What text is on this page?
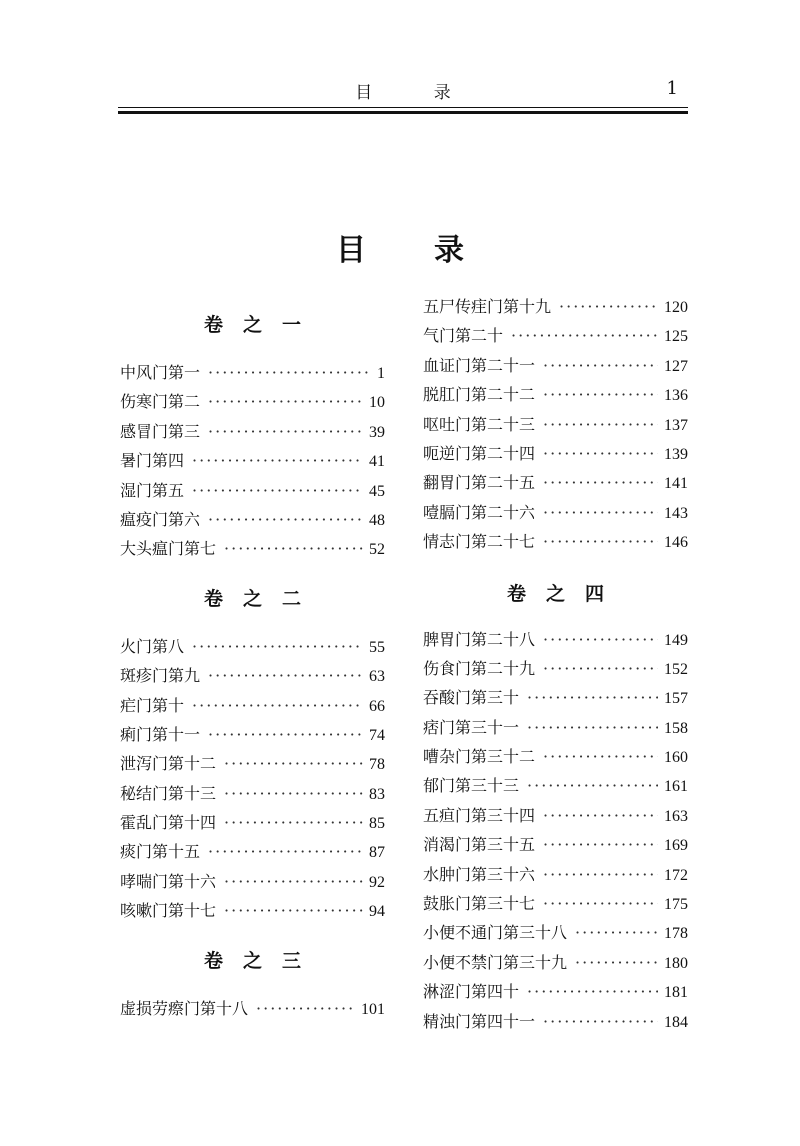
目 录	1
目 录
卷 之 一
中风门第一 ·····	1
伤寒门第二 ·····	10
感冒门第三 ·····	39
暑门第四 ·····	41
湿门第五 ·····	45
瘟疫门第六 ·····	48
大头瘟门第七 ·····	52
卷 之 二
火门第八 ·····	55
斑疹门第九 ·····	63
疟门第十 ·····	66
痢门第十一 ·····	74
泄泻门第十二 ·····	78
秘结门第十三 ·····	83
霍乱门第十四 ·····	85
痰门第十五 ·····	87
哮喘门第十六 ·····	92
咳嗽门第十七 ·····	94
卷 之 三
虚损劳瘵门第十八 ·····	101
五尸传疰门第十九 ·····	120
气门第二十 ·····	125
血证门第二十一 ·····	127
脱肛门第二十二 ·····	136
呕吐门第二十三 ·····	137
呃逆门第二十四 ·····	139
翻胃门第二十五 ·····	141
噎膈门第二十六 ·····	143
情志门第二十七 ·····	146
卷 之 四
脾胃门第二十八 ·····	149
伤食门第二十九 ·····	152
吞酸门第三十 ·····	157
痞门第三十一 ·····	158
嘈杂门第三十二 ·····	160
郁门第三十三 ·····	161
五疸门第三十四 ·····	163
消渴门第三十五 ·····	169
水肿门第三十六 ·····	172
鼓胀门第三十七 ·····	175
小便不通门第三十八 ·····	178
小便不禁门第三十九 ·····	180
淋涩门第四十 ·····	181
精浊门第四十一 ·····	184
